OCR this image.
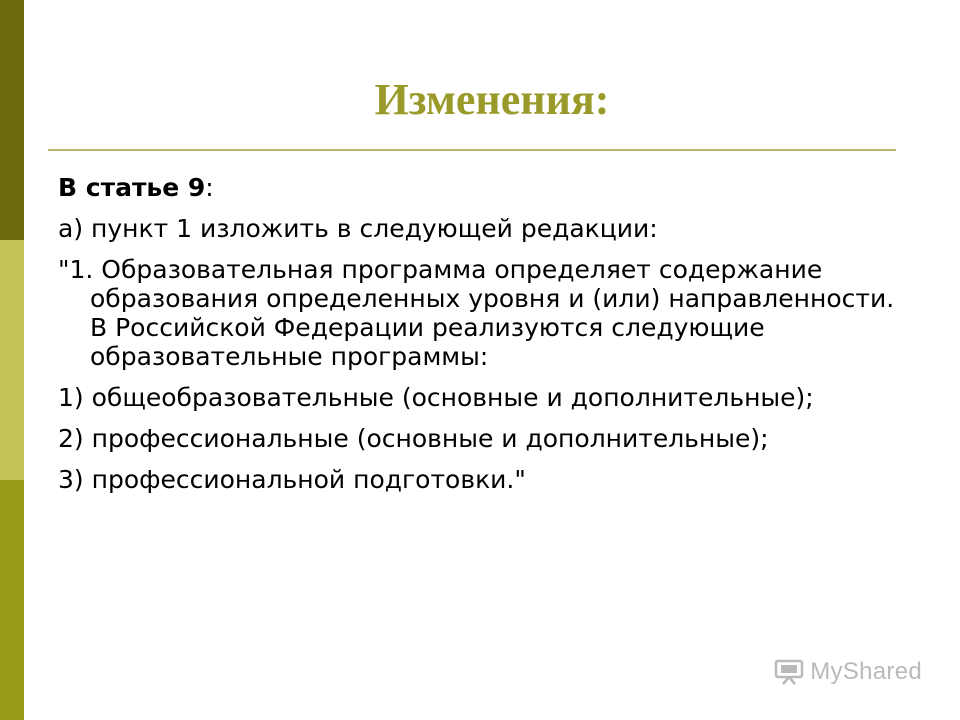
Изменения:

В статье 9:

а) пункт 1 изложить в следующей редакции:

"1. Образовательная программа определяет содержание образования определенных уровня и (или) направленности. В Российской Федерации реализуются следующие образовательные программы:

1) общеобразовательные (основные и дополнительные);

2) профессиональные (основные и дополнительные);

3) профессиональной подготовки."

MyShared
